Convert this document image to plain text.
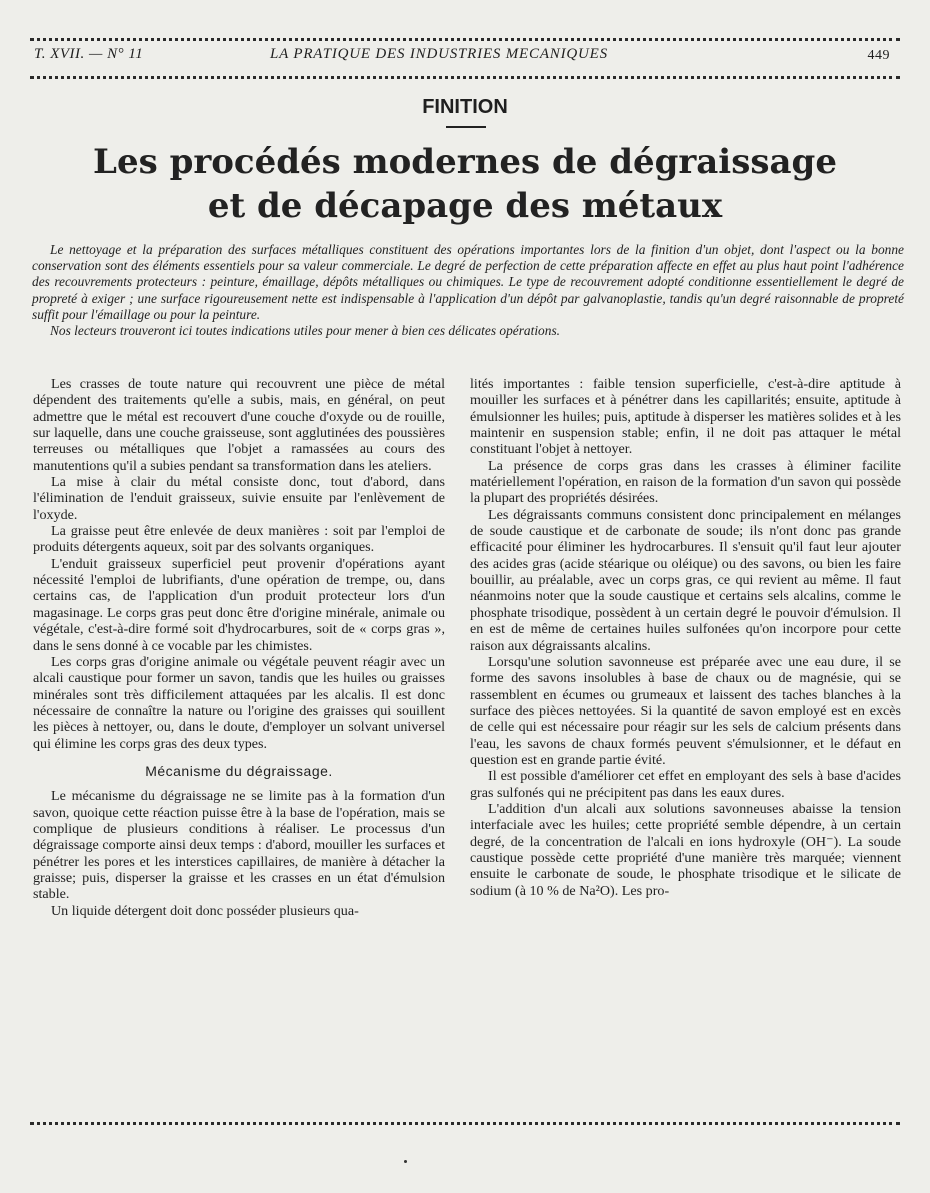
T. XVII. — N° 11	LA PRATIQUE DES INDUSTRIES MECANIQUES	449
FINITION
Les procédés modernes de dégraissage
et de décapage des métaux

Le nettoyage et la préparation des surfaces métalliques constituent des opérations importantes lors de la finition d'un objet, dont l'aspect ou la bonne conservation sont des éléments essentiels pour sa valeur commerciale. Le degré de perfection de cette préparation affecte en effet au plus haut point l'adhérence des recouvrements protecteurs : peinture, émaillage, dépôts métalliques ou chimiques. Le type de recouvrement adopté conditionne essentiellement le degré de propreté à exiger ; une surface rigoureusement nette est indispensable à l'application d'un dépôt par galvanoplastie, tandis qu'un degré raisonnable de propreté suffit pour l'émaillage ou pour la peinture.

Nos lecteurs trouveront ici toutes indications utiles pour mener à bien ces délicates opérations.

Les crasses de toute nature qui recouvrent une pièce de métal dépendent des traitements qu'elle a subis, mais, en général, on peut admettre que le métal est recouvert d'une couche d'oxyde ou de rouille, sur laquelle, dans une couche graisseuse, sont agglutinées des poussières terreuses ou métalliques que l'objet a ramassées au cours des manutentions qu'il a subies pendant sa transformation dans les ateliers.

La mise à clair du métal consiste donc, tout d'abord, dans l'élimination de l'enduit graisseux, suivie ensuite par l'enlèvement de l'oxyde.

La graisse peut être enlevée de deux manières : soit par l'emploi de produits détergents aqueux, soit par des solvants organiques.

L'enduit graisseux superficiel peut provenir d'opérations ayant nécessité l'emploi de lubrifiants, d'une opération de trempe, ou, dans certains cas, de l'application d'un produit protecteur lors d'un magasinage. Le corps gras peut donc être d'origine minérale, animale ou végétale, c'est-à-dire formé soit d'hydrocarbures, soit de « corps gras », dans le sens donné à ce vocable par les chimistes.

Les corps gras d'origine animale ou végétale peuvent réagir avec un alcali caustique pour former un savon, tandis que les huiles ou graisses minérales sont très difficilement attaquées par les alcalis. Il est donc nécessaire de connaître la nature ou l'origine des graisses qui souillent les pièces à nettoyer, ou, dans le doute, d'employer un solvant universel qui élimine les corps gras des deux types.

Mécanisme du dégraissage.

Le mécanisme du dégraissage ne se limite pas à la formation d'un savon, quoique cette réaction puisse être à la base de l'opération, mais se complique de plusieurs conditions à réaliser. Le processus d'un dégraissage comporte ainsi deux temps : d'abord, mouiller les surfaces et pénétrer les pores et les interstices capillaires, de manière à détacher la graisse; puis, disperser la graisse et les crasses en un état d'émulsion stable.

Un liquide détergent doit donc posséder plusieurs qua-

lités importantes : faible tension superficielle, c'est-à-dire aptitude à mouiller les surfaces et à pénétrer dans les capillarités; ensuite, aptitude à émulsionner les huiles; puis, aptitude à disperser les matières solides et à les maintenir en suspension stable; enfin, il ne doit pas attaquer le métal constituant l'objet à nettoyer.

La présence de corps gras dans les crasses à éliminer facilite matériellement l'opération, en raison de la formation d'un savon qui possède la plupart des propriétés désirées.

Les dégraissants communs consistent donc principalement en mélanges de soude caustique et de carbonate de soude; ils n'ont donc pas grande efficacité pour éliminer les hydrocarbures. Il s'ensuit qu'il faut leur ajouter des acides gras (acide stéarique ou oléique) ou des savons, ou bien les faire bouillir, au préalable, avec un corps gras, ce qui revient au même. Il faut néanmoins noter que la soude caustique et certains sels alcalins, comme le phosphate trisodique, possèdent à un certain degré le pouvoir d'émulsion. Il en est de même de certaines huiles sulfonées qu'on incorpore pour cette raison aux dégraissants alcalins.

Lorsqu'une solution savonneuse est préparée avec une eau dure, il se forme des savons insolubles à base de chaux ou de magnésie, qui se rassemblent en écumes ou grumeaux et laissent des taches blanches à la surface des pièces nettoyées. Si la quantité de savon employé est en excès de celle qui est nécessaire pour réagir sur les sels de calcium présents dans l'eau, les savons de chaux formés peuvent s'émulsionner, et le défaut en question est en grande partie évité.

Il est possible d'améliorer cet effet en employant des sels à base d'acides gras sulfonés qui ne précipitent pas dans les eaux dures.

L'addition d'un alcali aux solutions savonneuses abaisse la tension interfaciale avec les huiles; cette propriété semble dépendre, à un certain degré, de la concentration de l'alcali en ions hydroxyle (OH⁻). La soude caustique possède cette propriété d'une manière très marquée; viennent ensuite le carbonate de soude, le phosphate trisodique et le silicate de sodium (à 10 % de Na²O). Les pro-
